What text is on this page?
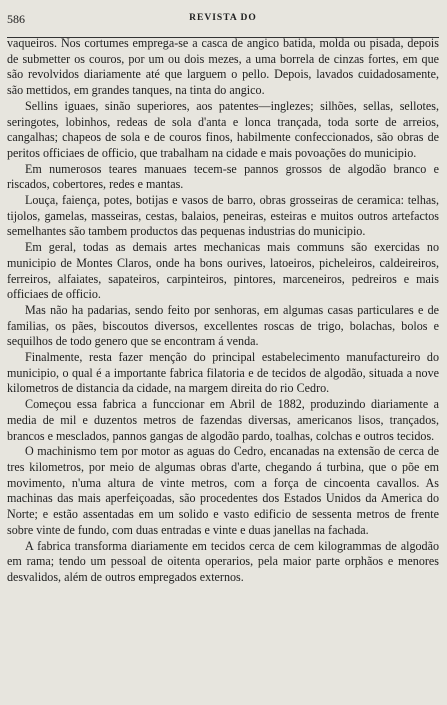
586	REVISTA DO

vaqueiros. Nos cortumes emprega-se a casca de angico batida, molda ou pisada, depois de submetter os couros, por um ou dois mezes, a uma borrela de cinzas fortes, em que são revolvidos diariamente até que larguem o pello. Depois, lavados cuidadosamente, são mettidos, em grandes tanques, na tinta do angico.

Sellins iguaes, sinão superiores, aos patentes—inglezes; silhões, sellas, sellotes, seringotes, lobinhos, redeas de sola d'anta e lonca trançada, toda sorte de arreios, cangalhas; chapeos de sola e de couros finos, habilmente confeccionados, são obras de peritos officiaes de officio, que trabalham na cidade e mais povoações do municipio.

Em numerosos teares manuaes tecem-se pannos grossos de algodão branco e riscados, cobertores, redes e mantas.

Louça, faiença, potes, botijas e vasos de barro, obras grosseiras de ceramica: telhas, tijolos, gamelas, masseiras, cestas, balaios, peneiras, esteiras e muitos outros artefactos semelhantes são tambem productos das pequenas industrias do municipio.

Em geral, todas as demais artes mechanicas mais communs são exercidas no municipio de Montes Claros, onde ha bons ourives, latoeiros, picheleiros, caldeireiros, ferreiros, alfaiates, sapateiros, carpinteiros, pintores, marceneiros, pedreiros e mais officiaes de officio.

Mas não ha padarias, sendo feito por senhoras, em algumas casas particulares e de familias, os pães, biscoutos diversos, excellentes roscas de trigo, bolachas, bolos e sequilhos de todo genero que se encontram á venda.

Finalmente, resta fazer menção do principal estabelecimento manufactureiro do municipio, o qual é a importante fabrica filatoria e de tecidos de algodão, situada a nove kilometros de distancia da cidade, na margem direita do rio Cedro.

Começou essa fabrica a funccionar em Abril de 1882, produzindo diariamente a media de mil e duzentos metros de fazendas diversas, americanos lisos, trançados, brancos e mesclados, pannos gangas de algodão pardo, toalhas, colchas e outros tecidos.

O machinismo tem por motor as aguas do Cedro, encanadas na extensão de cerca de tres kilometros, por meio de algumas obras d'arte, chegando á turbina, que o põe em movimento, n'uma altura de vinte metros, com a força de cincoenta cavallos. As machinas das mais aperfeiçoadas, são procedentes dos Estados Unidos da America do Norte; e estão assentadas em um solido e vasto edificio de sessenta metros de frente sobre vinte de fundo, com duas entradas e vinte e duas janellas na fachada.

A fabrica transforma diariamente em tecidos cerca de cem kilogrammas de algodão em rama; tendo um pessoal de oitenta operarios, pela maior parte orphãos e menores desvalidos, além de outros empregados externos.
